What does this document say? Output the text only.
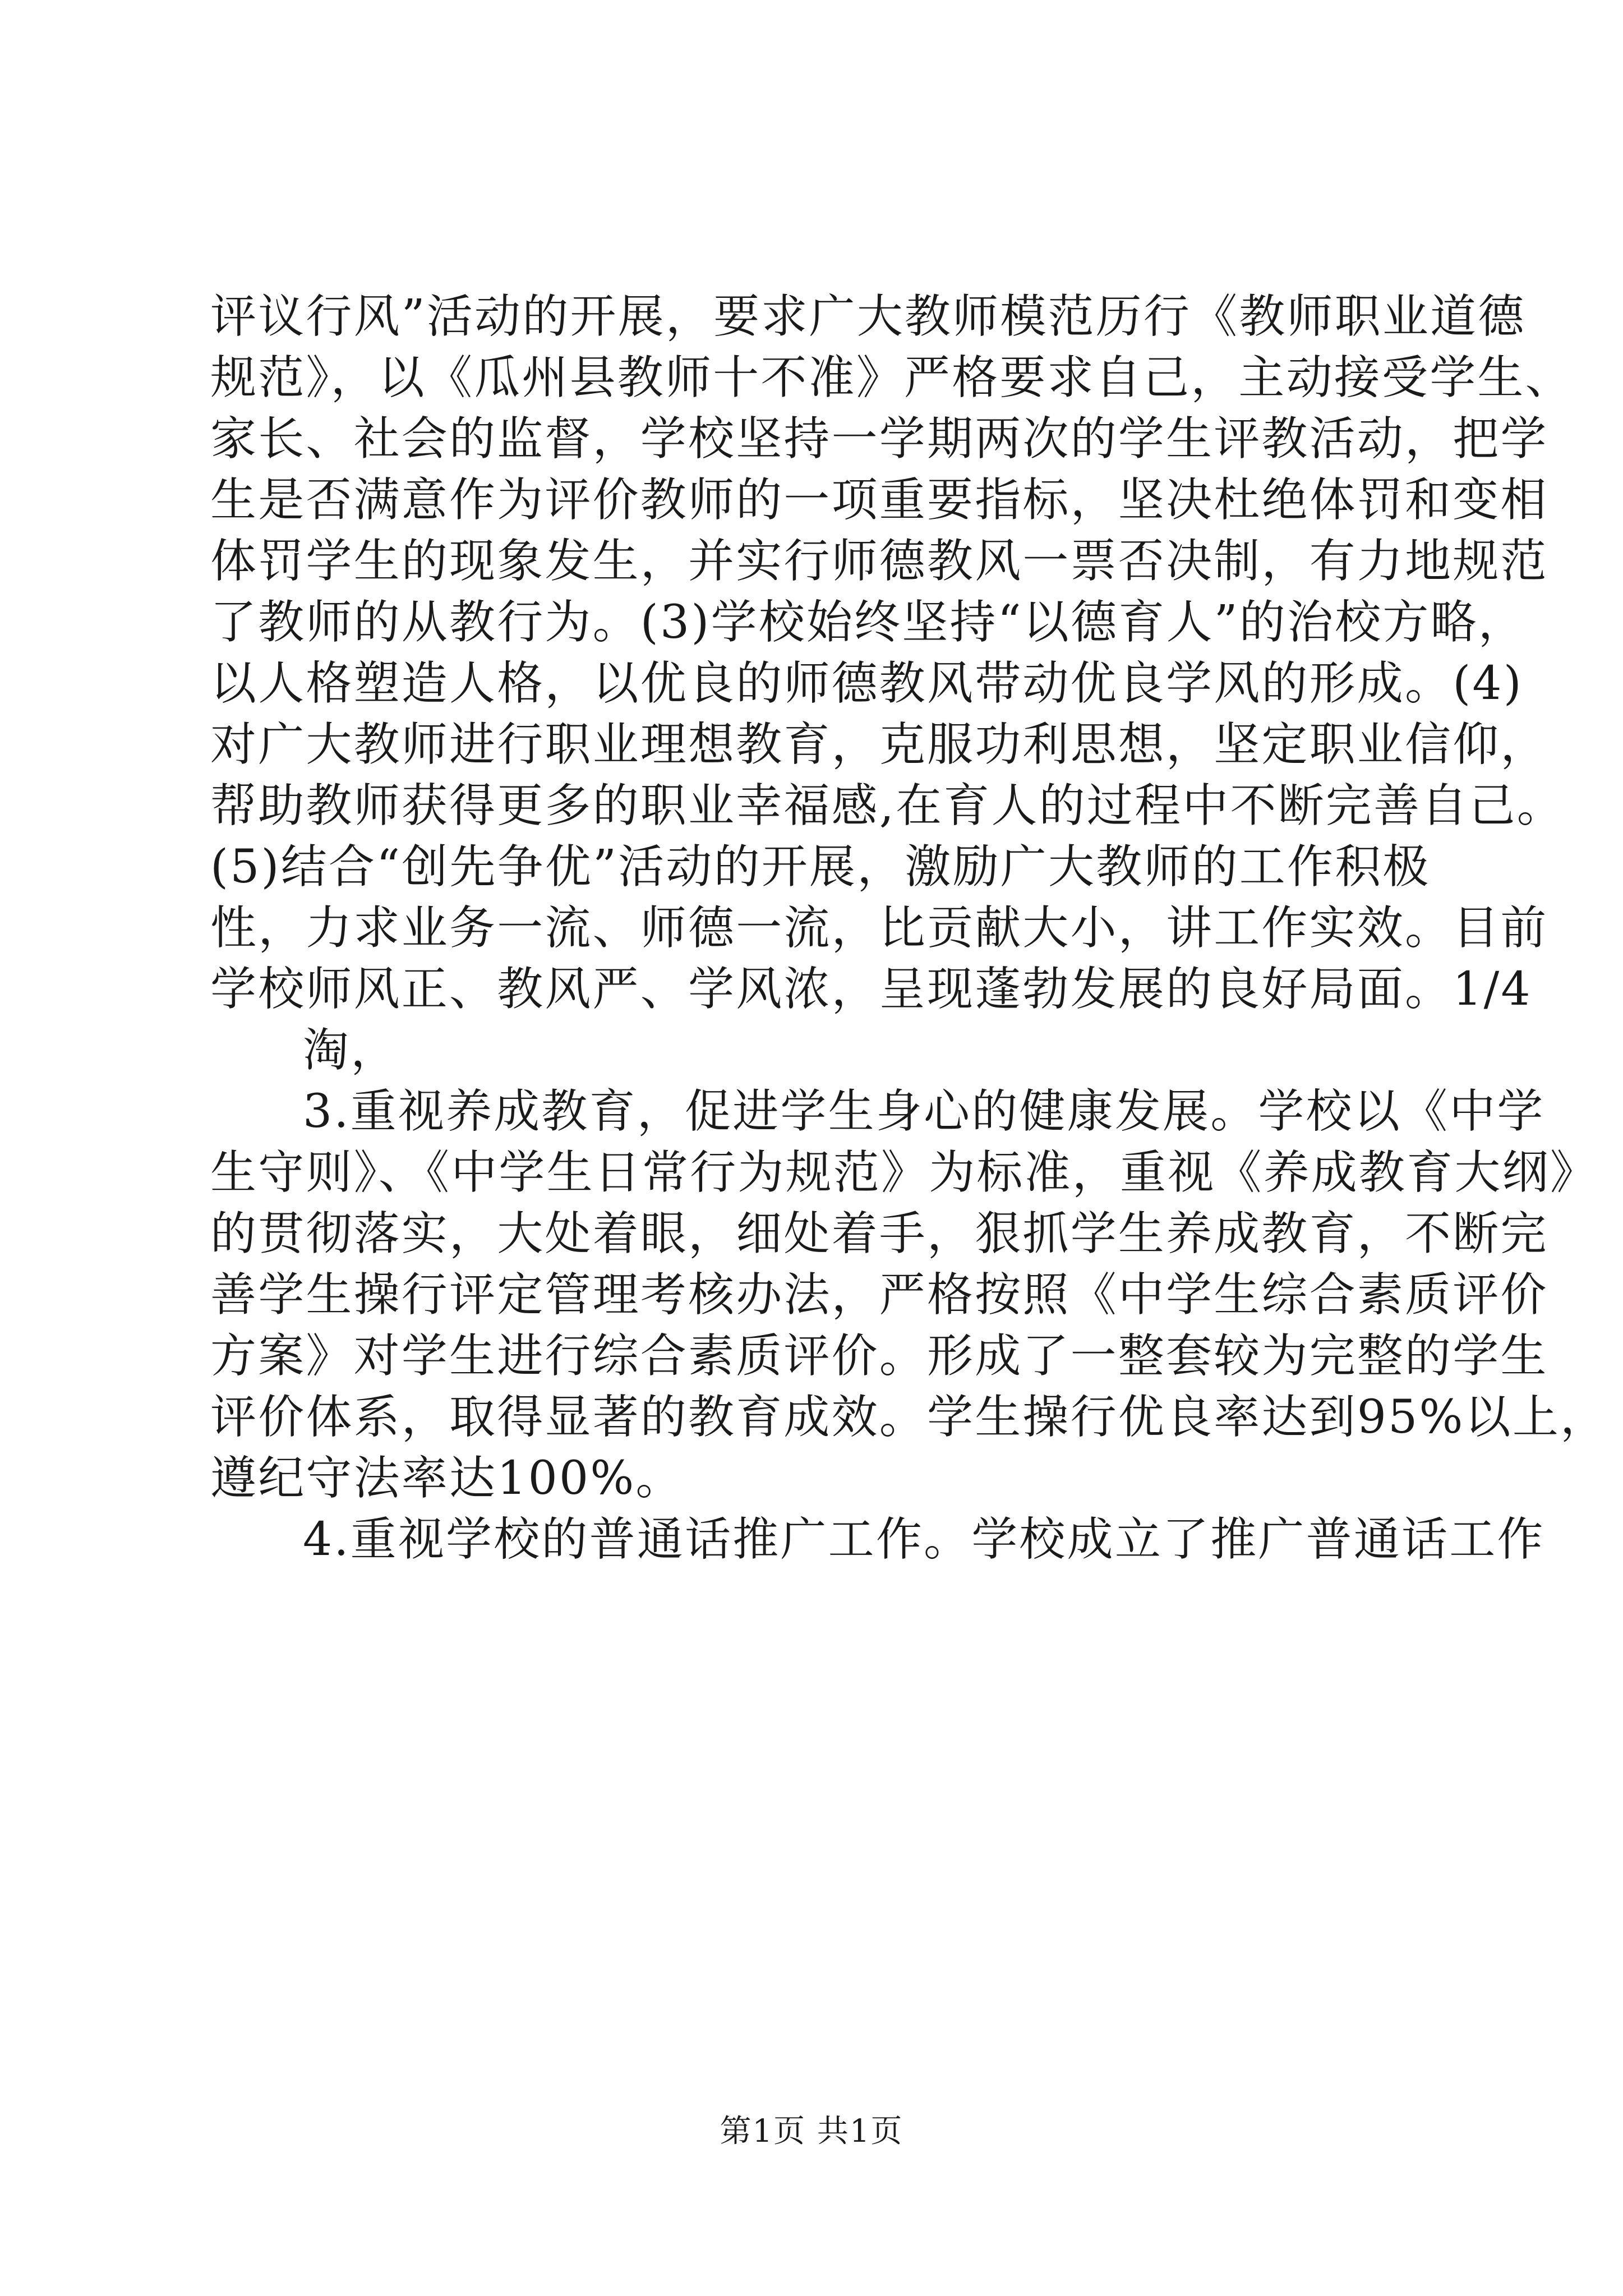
评议行风”活动的开展，要求广大教师模范历行《教师职业道德
规范》，以《瓜州县教师十不准》严格要求自己，主动接受学生、
家长、社会的监督，学校坚持一学期两次的学生评教活动，把学
生是否满意作为评价教师的一项重要指标，坚决杜绝体罚和变相
体罚学生的现象发生，并实行师德教风一票否决制，有力地规范
了教师的从教行为。(3)学校始终坚持“以德育人”的治校方略，
以人格塑造人格，以优良的师德教风带动优良学风的形成。(4)
对广大教师进行职业理想教育，克服功利思想，坚定职业信仰，
帮助教师获得更多的职业幸福感,在育人的过程中不断完善自己。
(5)结合“创先争优”活动的开展，激励广大教师的工作积极
性，力求业务一流、师德一流，比贡献大小，讲工作实效。目前
学校师风正、教风严、学风浓，呈现蓬勃发展的良好局面。1/4
淘，
3.重视养成教育，促进学生身心的健康发展。学校以《中学
生守则》、《中学生日常行为规范》为标准，重视《养成教育大纲》
的贯彻落实，大处着眼，细处着手，狠抓学生养成教育，不断完
善学生操行评定管理考核办法，严格按照《中学生综合素质评价
方案》对学生进行综合素质评价。形成了一整套较为完整的学生
评价体系，取得显著的教育成效。学生操行优良率达到95%以上，
遵纪守法率达100%。
4.重视学校的普通话推广工作。学校成立了推广普通话工作
第1页 共1页
